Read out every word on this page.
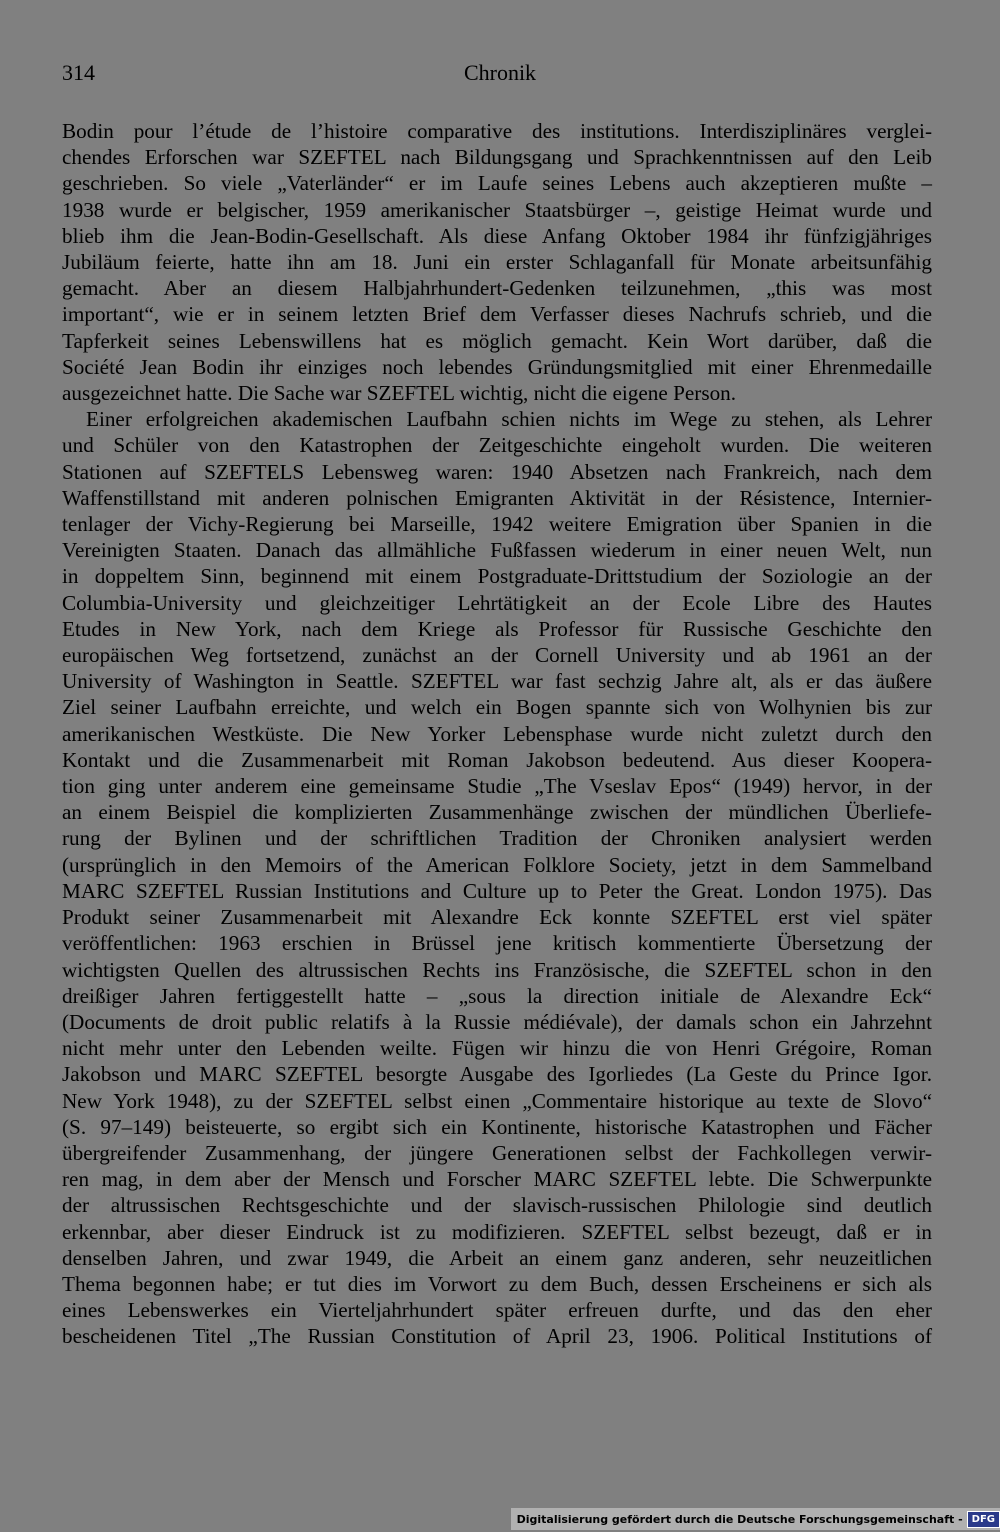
314	Chronik
Bodin pour l’étude de l’histoire comparative des institutions. Interdisziplinäres verglei-
chendes Erforschen war SZEFTEL nach Bildungsgang und Sprachkenntnissen auf den Leib
geschrieben. So viele „Vaterländer“ er im Laufe seines Lebens auch akzeptieren mußte –
1938 wurde er belgischer, 1959 amerikanischer Staatsbürger –, geistige Heimat wurde und
blieb ihm die Jean-Bodin-Gesellschaft. Als diese Anfang Oktober 1984 ihr fünfzigjähriges
Jubiläum feierte, hatte ihn am 18. Juni ein erster Schlaganfall für Monate arbeitsunfähig
gemacht. Aber an diesem Halbjahrhundert-Gedenken teilzunehmen, „this was most
important“, wie er in seinem letzten Brief dem Verfasser dieses Nachrufs schrieb, und die
Tapferkeit seines Lebenswillens hat es möglich gemacht. Kein Wort darüber, daß die
Société Jean Bodin ihr einziges noch lebendes Gründungsmitglied mit einer Ehrenmedaille
ausgezeichnet hatte. Die Sache war SZEFTEL wichtig, nicht die eigene Person.
Einer erfolgreichen akademischen Laufbahn schien nichts im Wege zu stehen, als Lehrer
und Schüler von den Katastrophen der Zeitgeschichte eingeholt wurden. Die weiteren
Stationen auf SZEFTELS Lebensweg waren: 1940 Absetzen nach Frankreich, nach dem
Waffenstillstand mit anderen polnischen Emigranten Aktivität in der Résistence, Internier-
tenlager der Vichy-Regierung bei Marseille, 1942 weitere Emigration über Spanien in die
Vereinigten Staaten. Danach das allmähliche Fußfassen wiederum in einer neuen Welt, nun
in doppeltem Sinn, beginnend mit einem Postgraduate-Drittstudium der Soziologie an der
Columbia-University und gleichzeitiger Lehrtätigkeit an der Ecole Libre des Hautes
Etudes in New York, nach dem Kriege als Professor für Russische Geschichte den
europäischen Weg fortsetzend, zunächst an der Cornell University und ab 1961 an der
University of Washington in Seattle. SZEFTEL war fast sechzig Jahre alt, als er das äußere
Ziel seiner Laufbahn erreichte, und welch ein Bogen spannte sich von Wolhynien bis zur
amerikanischen Westküste. Die New Yorker Lebensphase wurde nicht zuletzt durch den
Kontakt und die Zusammenarbeit mit Roman Jakobson bedeutend. Aus dieser Koopera-
tion ging unter anderem eine gemeinsame Studie „The Vseslav Epos“ (1949) hervor, in der
an einem Beispiel die komplizierten Zusammenhänge zwischen der mündlichen Überliefe-
rung der Bylinen und der schriftlichen Tradition der Chroniken analysiert werden
(ursprünglich in den Memoirs of the American Folklore Society, jetzt in dem Sammelband
MARC SZEFTEL Russian Institutions and Culture up to Peter the Great. London 1975). Das
Produkt seiner Zusammenarbeit mit Alexandre Eck konnte SZEFTEL erst viel später
veröffentlichen: 1963 erschien in Brüssel jene kritisch kommentierte Übersetzung der
wichtigsten Quellen des altrussischen Rechts ins Französische, die SZEFTEL schon in den
dreißiger Jahren fertiggestellt hatte – „sous la direction initiale de Alexandre Eck“
(Documents de droit public relatifs à la Russie médiévale), der damals schon ein Jahrzehnt
nicht mehr unter den Lebenden weilte. Fügen wir hinzu die von Henri Grégoire, Roman
Jakobson und MARC SZEFTEL besorgte Ausgabe des Igorliedes (La Geste du Prince Igor.
New York 1948), zu der SZEFTEL selbst einen „Commentaire historique au texte de Slovo“
(S. 97–149) beisteuerte, so ergibt sich ein Kontinente, historische Katastrophen und Fächer
übergreifender Zusammenhang, der jüngere Generationen selbst der Fachkollegen verwir-
ren mag, in dem aber der Mensch und Forscher MARC SZEFTEL lebte. Die Schwerpunkte
der altrussischen Rechtsgeschichte und der slavisch-russischen Philologie sind deutlich
erkennbar, aber dieser Eindruck ist zu modifizieren. SZEFTEL selbst bezeugt, daß er in
denselben Jahren, und zwar 1949, die Arbeit an einem ganz anderen, sehr neuzeitlichen
Thema begonnen habe; er tut dies im Vorwort zu dem Buch, dessen Erscheinens er sich als
eines Lebenswerkes ein Vierteljahrhundert später erfreuen durfte, und das den eher
bescheidenen Titel „The Russian Constitution of April 23, 1906. Political Institutions of
Digitalisierung gefördert durch die Deutsche Forschungsgemeinschaft - DFG
